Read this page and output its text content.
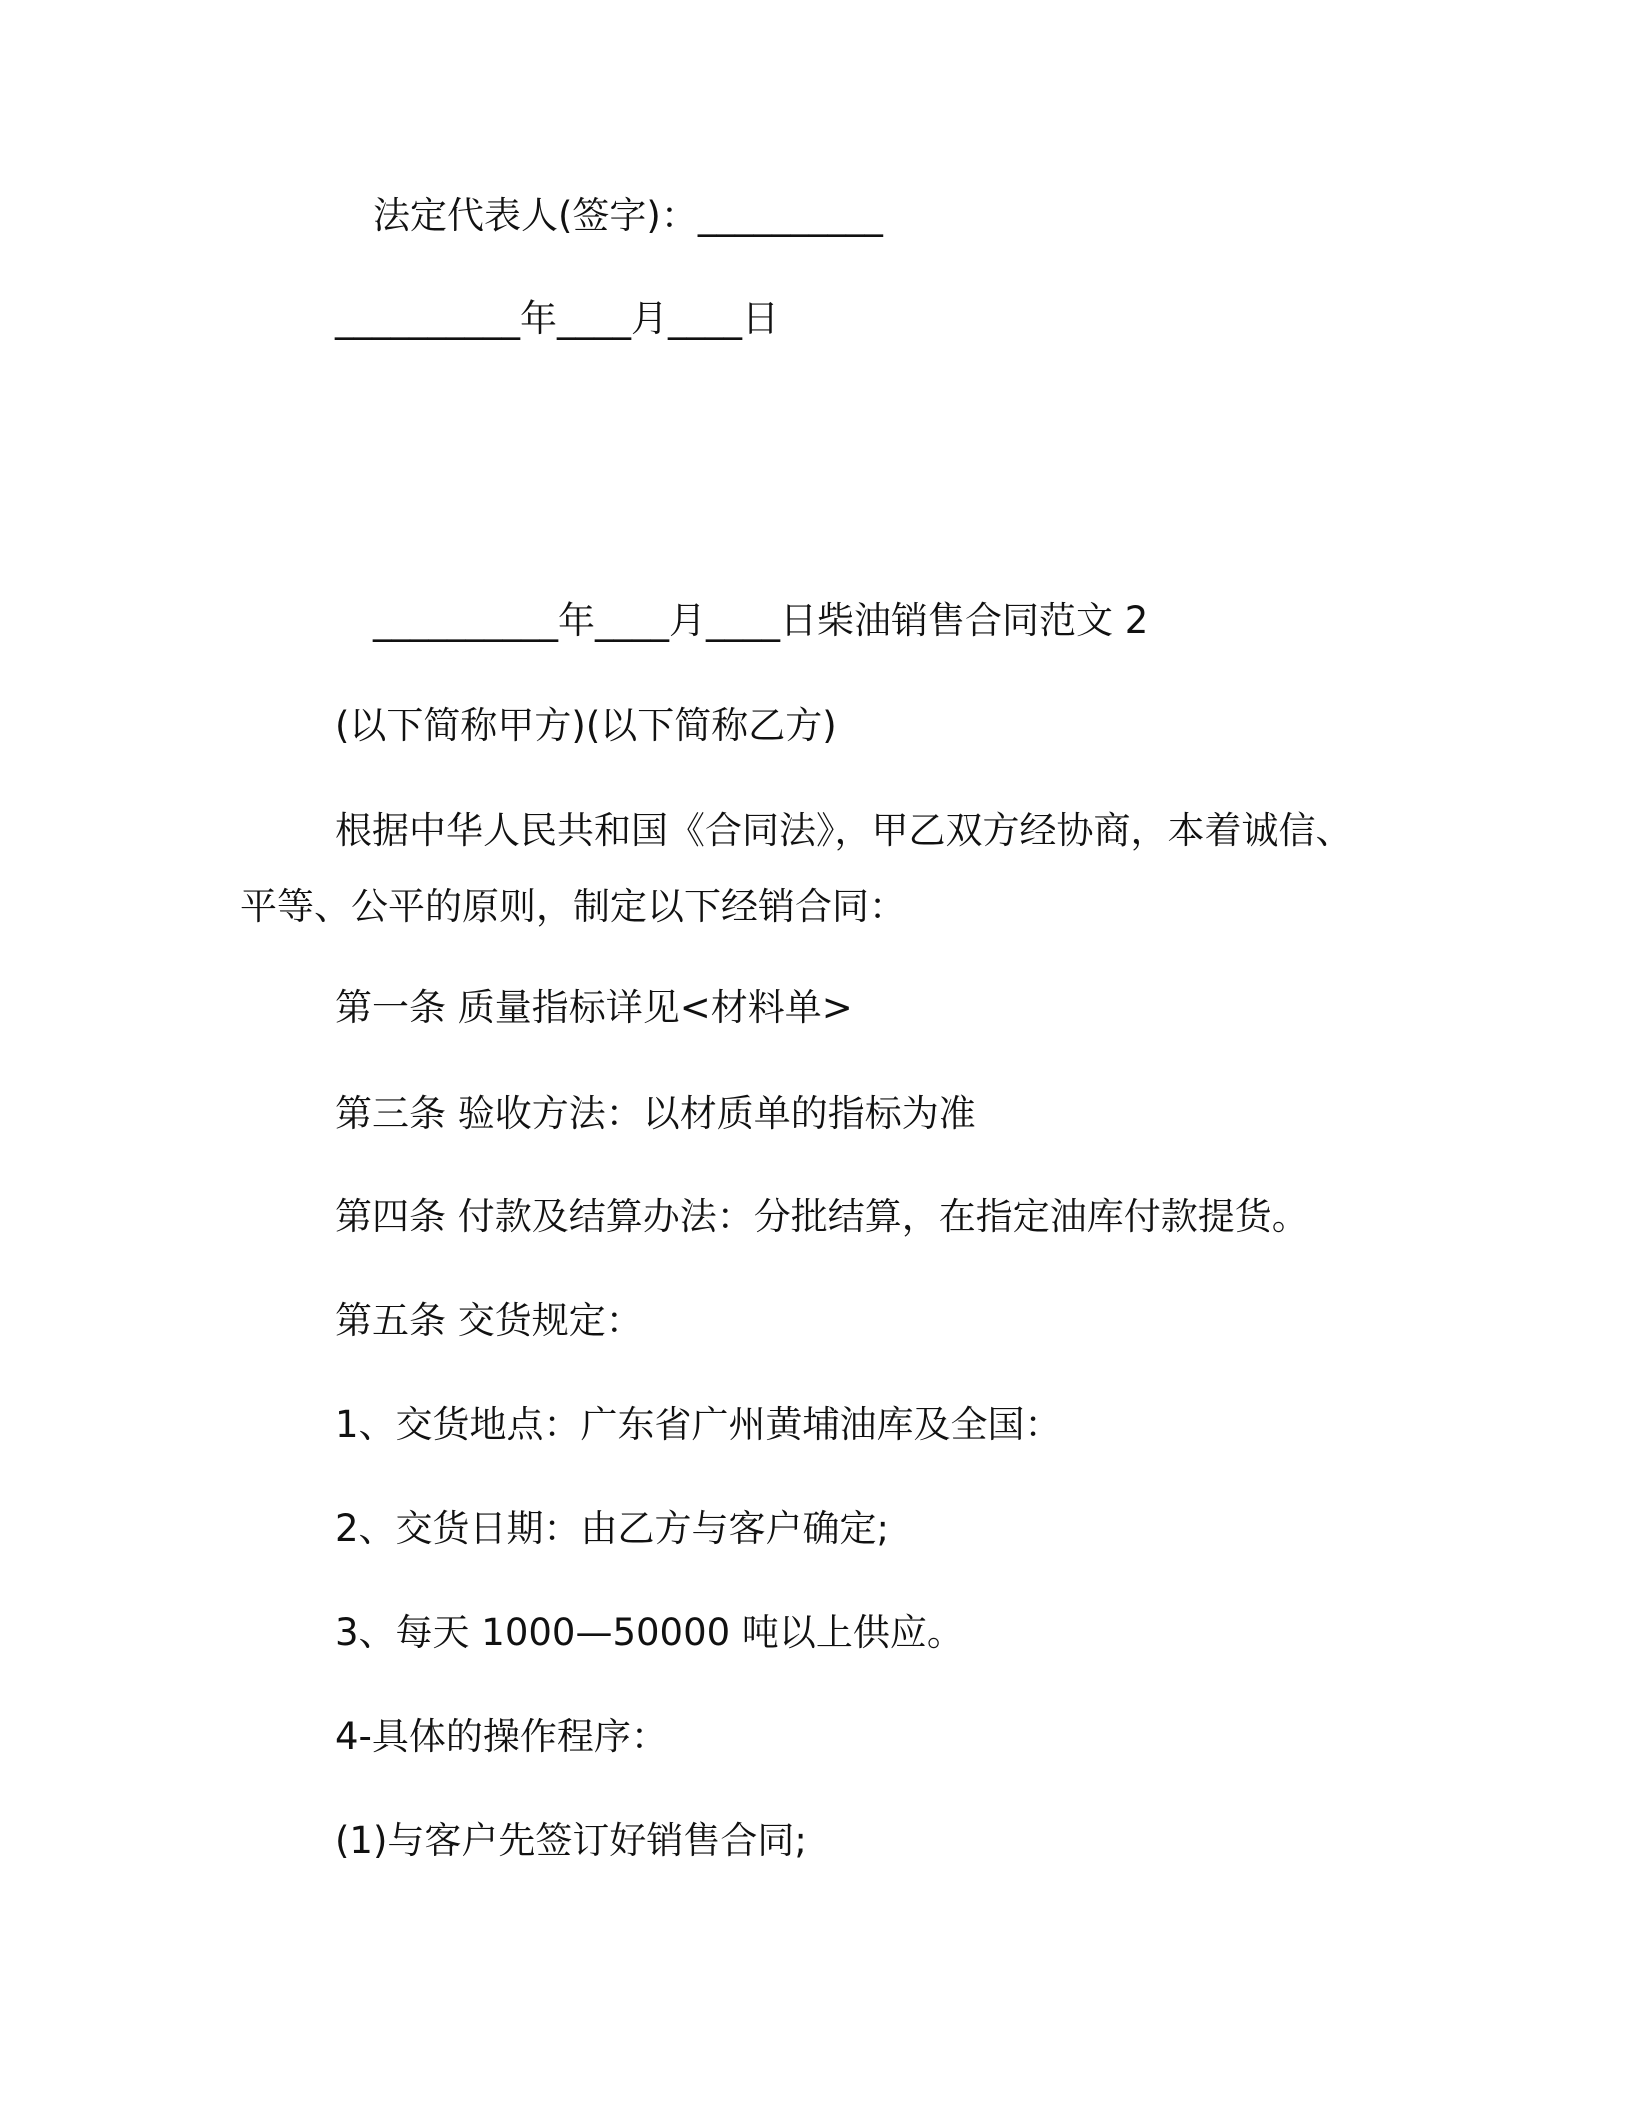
法定代表人(签字)：__________
__________年____月____日
__________年____月____日柴油销售合同范文 2
(以下简称甲方)(以下简称乙方)
根据中华人民共和国《合同法》，甲乙双方经协商，本着诚信、
平等、公平的原则，制定以下经销合同：
第一条 质量指标详见<材料单>
第三条 验收方法：以材质单的指标为准
第四条 付款及结算办法：分批结算，在指定油库付款提货。
第五条 交货规定：
1、交货地点：广东省广州黄埔油库及全国：
2、交货日期：由乙方与客户确定;
3、每天 1000—50000 吨以上供应。
4-具体的操作程序：
(1)与客户先签订好销售合同;
